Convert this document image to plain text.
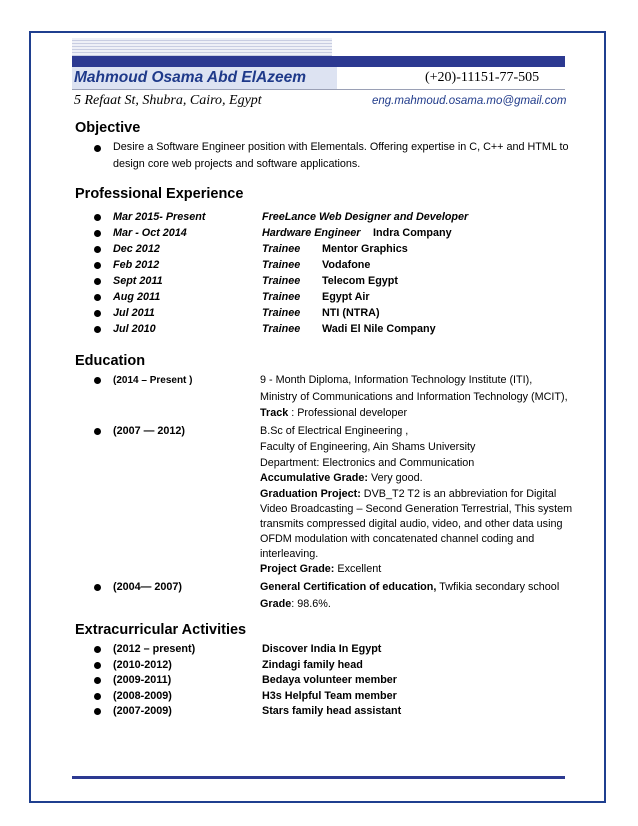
Mahmoud Osama Abd ElAzeem	(+20)-11151-77-505
5 Refaat St, Shubra, Cairo, Egypt	eng.mahmoud.osama.mo@gmail.com
Objective
Desire a Software Engineer position with Elementals. Offering expertise in C, C++ and HTML to
design core web projects and software applications.
Professional Experience
Mar 2015- Present	FreeLance Web Designer and Developer
Mar - Oct 2014	Hardware Engineer Indra Company
Dec 2012	Trainee Mentor Graphics
Feb 2012	Trainee Vodafone
Sept 2011	Trainee Telecom Egypt
Aug 2011	Trainee Egypt Air
Jul 2011	Trainee NTI (NTRA)
Jul 2010	Trainee Wadi El Nile Company
Education
(2014 – Present )	9 - Month Diploma, Information Technology Institute (ITI),
Ministry of Communications and Information Technology (MCIT),
Track : Professional developer
(2007 — 2012)	B.Sc of Electrical Engineering ,
Faculty of Engineering, Ain Shams University
Department: Electronics and Communication
Accumulative Grade: Very good.
Graduation Project: DVB_T2 T2 is an abbreviation for Digital
Video Broadcasting – Second Generation Terrestrial, This system
transmits compressed digital audio, video, and other data using
OFDM modulation with concatenated channel coding and
interleaving.
Project Grade: Excellent
(2004— 2007)	General Certification of education, Twfikia secondary school
Grade: 98.6%.
Extracurricular Activities
(2012 – present)	Discover India In Egypt
(2010-2012)	Zindagi family head
(2009-2011)	Bedaya volunteer member
(2008-2009)	H3s Helpful Team member
(2007-2009)	Stars family head assistant
